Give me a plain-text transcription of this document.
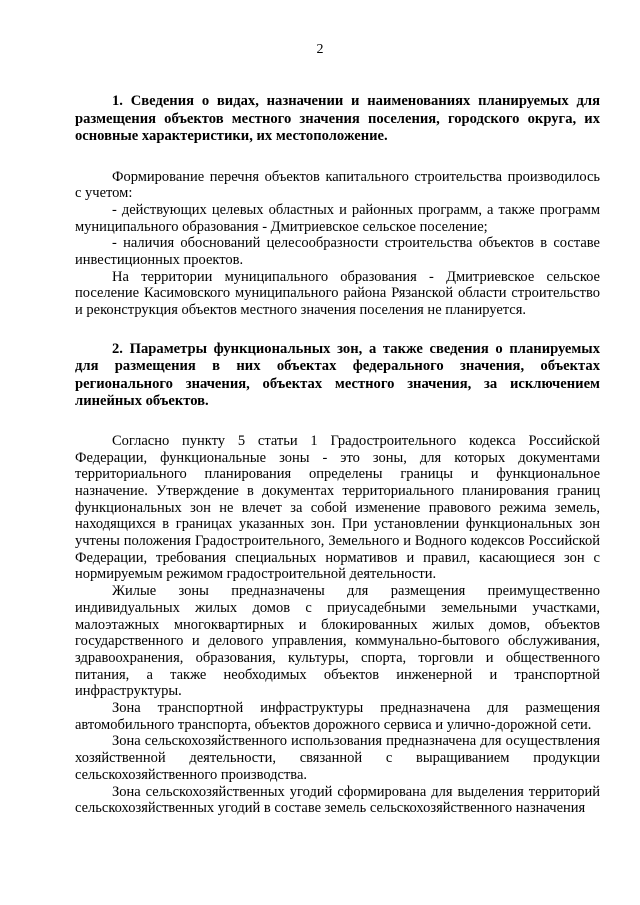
2

1. Сведения о видах, назначении и наименованиях планируемых для размещения объектов местного значения поселения, городского округа, их основные характеристики, их местоположение.

Формирование перечня объектов капитального строительства производилось с учетом:

- действующих целевых областных и районных программ, а также программ муниципального образования - Дмитриевское сельское поселение;

- наличия обоснований целесообразности строительства объектов в составе инвестиционных проектов.

На территории муниципального образования - Дмитриевское сельское поселение Касимовского муниципального района Рязанской области строительство и реконструкция объектов местного значения поселения не планируется.

2. Параметры функциональных зон, а также сведения о планируемых для размещения в них объектах федерального значения, объектах регионального значения, объектах местного значения, за исключением линейных объектов.

Согласно пункту 5 статьи 1 Градостроительного кодекса Российской Федерации, функциональные зоны - это зоны, для которых документами территориального планирования определены границы и функциональное назначение. Утверждение в документах территориального планирования границ функциональных зон не влечет за собой изменение правового режима земель, находящихся в границах указанных зон. При установлении функциональных зон учтены положения Градостроительного, Земельного и Водного кодексов Российской Федерации, требования специальных нормативов и правил, касающиеся зон с нормируемым режимом градостроительной деятельности.

Жилые зоны предназначены для размещения преимущественно индивидуальных жилых домов с приусадебными земельными участками, малоэтажных многоквартирных и блокированных жилых домов, объектов государственного и делового управления, коммунально-бытового обслуживания, здравоохранения, образования, культуры, спорта, торговли и общественного питания, а также необходимых объектов инженерной и транспортной инфраструктуры.

Зона транспортной инфраструктуры предназначена для размещения автомобильного транспорта, объектов дорожного сервиса и улично-дорожной сети.

Зона сельскохозяйственного использования предназначена для осуществления хозяйственной деятельности, связанной с выращиванием продукции сельскохозяйственного производства.

Зона сельскохозяйственных угодий сформирована для выделения территорий сельскохозяйственных угодий в составе земель сельскохозяйственного назначения
